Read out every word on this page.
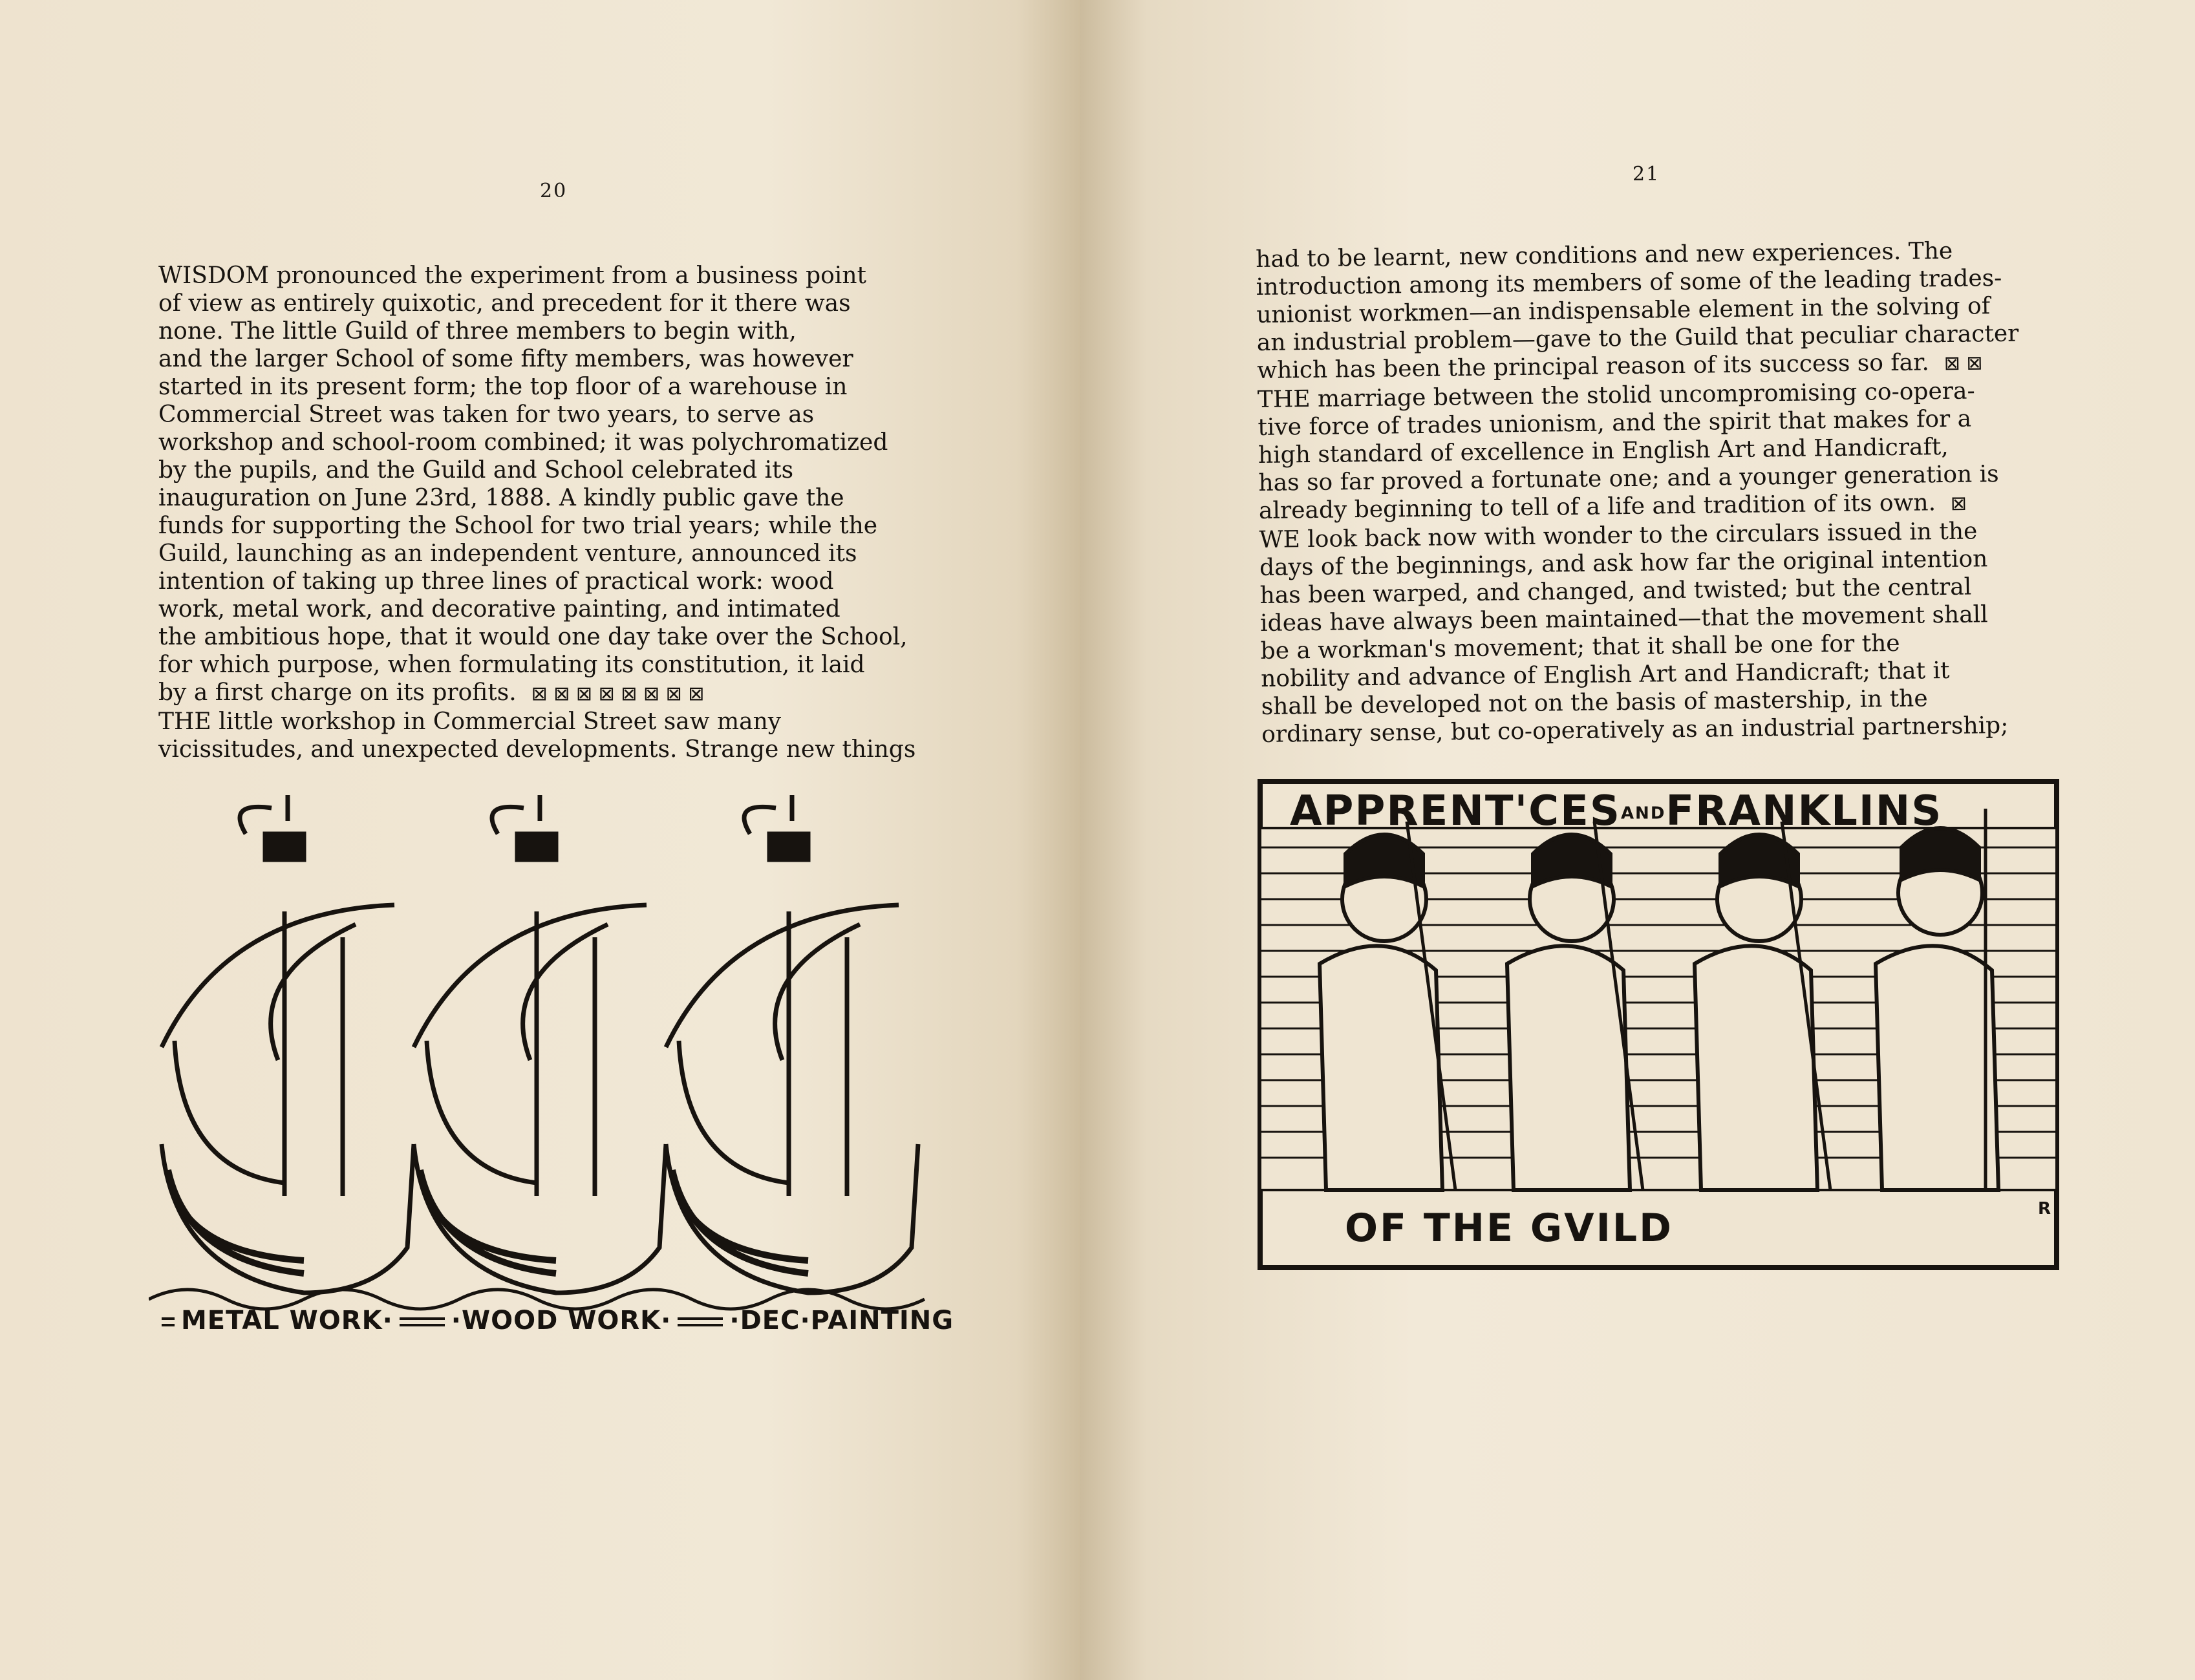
20
WISDOM pronounced the experiment from a business point
of view as entirely quixotic, and precedent for it there was
none. The little Guild of three members to begin with,
and the larger School of some fifty members, was however
started in its present form; the top floor of a warehouse in
Commercial Street was taken for two years, to serve as
workshop and school-room combined; it was polychromatized
by the pupils, and the Guild and School celebrated its
inauguration on June 23rd, 1888. A kindly public gave the
funds for supporting the School for two trial years; while the
Guild, launching as an independent venture, announced its
intention of taking up three lines of practical work: wood
work, metal work, and decorative painting, and intimated
the ambitious hope, that it would one day take over the School,
for which purpose, when formulating its constitution, it laid
by a first charge on its profits. ⊠ ⊠ ⊠ ⊠ ⊠ ⊠ ⊠ ⊠
THE little workshop in Commercial Street saw many
vicissitudes, and unexpected developments. Strange new things
METAL WORK· ·WOOD WORK· ·DEC·PAINTING
21
had to be learnt, new conditions and new experiences. The
introduction among its members of some of the leading trades-
unionist workmen—an indispensable element in the solving of
an industrial problem—gave to the Guild that peculiar character
which has been the principal reason of its success so far. ⊠ ⊠
THE marriage between the stolid uncompromising co-opera-
tive force of trades unionism, and the spirit that makes for a
high standard of excellence in English Art and Handicraft,
has so far proved a fortunate one; and a younger generation is
already beginning to tell of a life and tradition of its own. ⊠
WE look back now with wonder to the circulars issued in the
days of the beginnings, and ask how far the original intention
has been warped, and changed, and twisted; but the central
ideas have always been maintained—that the movement shall
be a workman's movement; that it shall be one for the
nobility and advance of English Art and Handicraft; that it
shall be developed not on the basis of mastership, in the
ordinary sense, but co-operatively as an industrial partnership;
APPRENT'CESANDFRANKLINS
OF THE GVILD	R
